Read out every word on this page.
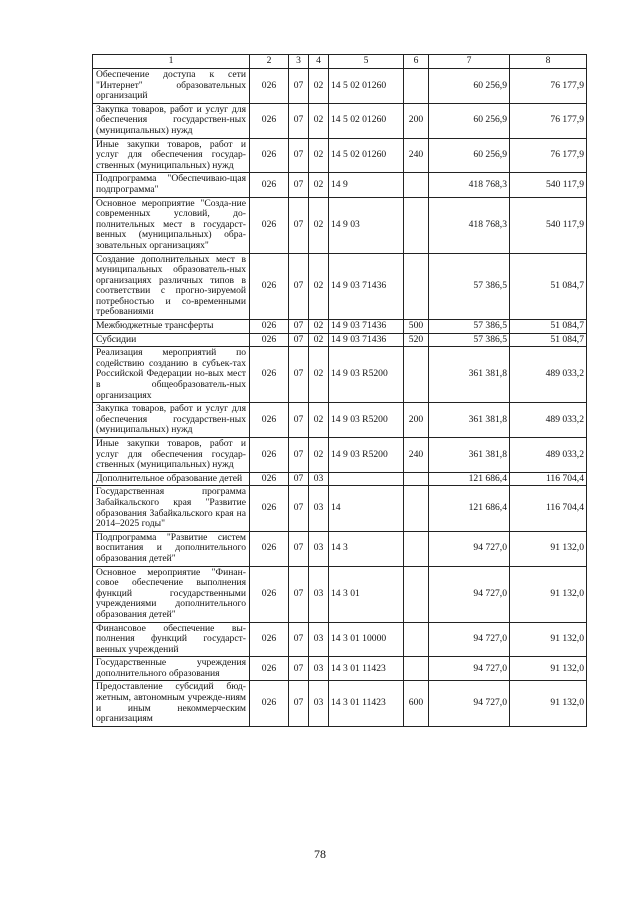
1	2	3	4	5	6	7	8
Обеспечение доступа к сети "Интернет" образовательных организаций	026	07	02	14 5 02 01260		60 256,9	76 177,9
Закупка товаров, работ и услуг для обеспечения государствен-ных (муниципальных) нужд	026	07	02	14 5 02 01260	200	60 256,9	76 177,9
Иные закупки товаров, работ и услуг для обеспечения государ-ственных (муниципальных) нужд	026	07	02	14 5 02 01260	240	60 256,9	76 177,9
Подпрограмма "Обеспечиваю-щая подпрограмма"	026	07	02	14 9		418 768,3	540 117,9
Основное мероприятие "Созда-ние современных условий, до-полнительных мест в государст-венных (муниципальных) обра-зовательных организациях"	026	07	02	14 9 03		418 768,3	540 117,9
Создание дополнительных мест в муниципальных образователь-ных организациях различных типов в соответствии с прогно-зируемой потребностью и со-временными требованиями	026	07	02	14 9 03 71436		57 386,5	51 084,7
Межбюджетные трансферты	026	07	02	14 9 03 71436	500	57 386,5	51 084,7
Субсидии	026	07	02	14 9 03 71436	520	57 386,5	51 084,7
Реализация мероприятий по содействию созданию в субъек-тах Российской Федерации но-вых мест в общеобразователь-ных организациях	026	07	02	14 9 03 R5200		361 381,8	489 033,2
Закупка товаров, работ и услуг для обеспечения государствен-ных (муниципальных) нужд	026	07	02	14 9 03 R5200	200	361 381,8	489 033,2
Иные закупки товаров, работ и услуг для обеспечения государ-ственных (муниципальных) нужд	026	07	02	14 9 03 R5200	240	361 381,8	489 033,2
Дополнительное образование детей	026	07	03			121 686,4	116 704,4
Государственная программа Забайкальского края "Развитие образования Забайкальского края на 2014–2025 годы"	026	07	03	14		121 686,4	116 704,4
Подпрограмма "Развитие систем воспитания и дополнительного образования детей"	026	07	03	14 3		94 727,0	91 132,0
Основное мероприятие "Финан-совое обеспечение выполнения функций государственными учреждениями дополнительного образования детей"	026	07	03	14 3 01		94 727,0	91 132,0
Финансовое обеспечение вы-полнения функций государст-венных учреждений	026	07	03	14 3 01 10000		94 727,0	91 132,0
Государственные учреждения дополнительного образования	026	07	03	14 3 01 11423		94 727,0	91 132,0
Предоставление субсидий бюд-жетным, автономным учрежде-ниям и иным некоммерческим организациям	026	07	03	14 3 01 11423	600	94 727,0	91 132,0
78
